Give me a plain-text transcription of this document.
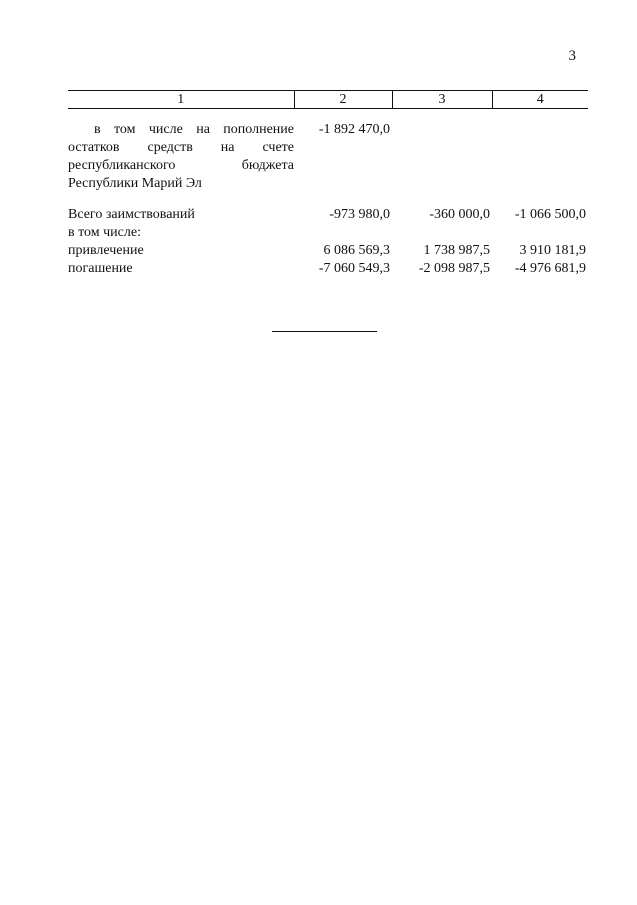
3
1	2	3	4
в том числе на пополнение остатков средств на счете республиканского бюджета Республики Марий Эл	-1 892 470,0		

Всего заимствований	-973 980,0	-360 000,0	-1 066 500,0
в том числе:			
привлечение	6 086 569,3	1 738 987,5	3 910 181,9
погашение	-7 060 549,3	-2 098 987,5	-4 976 681,9
